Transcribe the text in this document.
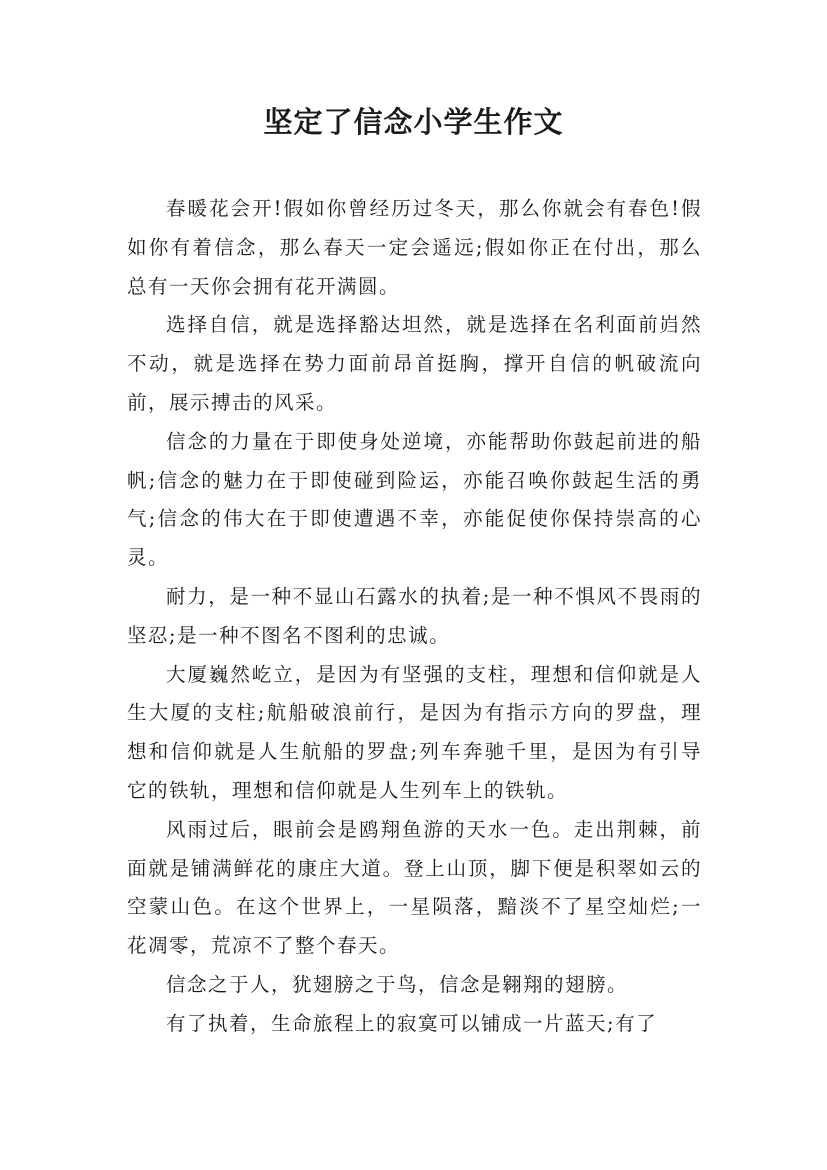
坚定了信念小学生作文

春暖花会开!假如你曾经历过冬天，那么你就会有春色!假如你有着信念，那么春天一定会遥远;假如你正在付出，那么总有一天你会拥有花开满圆。

选择自信，就是选择豁达坦然，就是选择在名利面前岿然不动，就是选择在势力面前昂首挺胸，撑开自信的帆破流向前，展示搏击的风采。

信念的力量在于即使身处逆境，亦能帮助你鼓起前进的船帆;信念的魅力在于即使碰到险运，亦能召唤你鼓起生活的勇气;信念的伟大在于即使遭遇不幸，亦能促使你保持崇高的心灵。

耐力，是一种不显山石露水的执着;是一种不惧风不畏雨的坚忍;是一种不图名不图利的忠诚。

大厦巍然屹立，是因为有坚强的支柱，理想和信仰就是人生大厦的支柱;航船破浪前行，是因为有指示方向的罗盘，理想和信仰就是人生航船的罗盘;列车奔驰千里，是因为有引导它的铁轨，理想和信仰就是人生列车上的铁轨。

风雨过后，眼前会是鸥翔鱼游的天水一色。走出荆棘，前面就是铺满鲜花的康庄大道。登上山顶，脚下便是积翠如云的空蒙山色。在这个世界上，一星陨落，黯淡不了星空灿烂;一花凋零，荒凉不了整个春天。

信念之于人，犹翅膀之于鸟，信念是翱翔的翅膀。

有了执着，生命旅程上的寂寞可以铺成一片蓝天;有了
